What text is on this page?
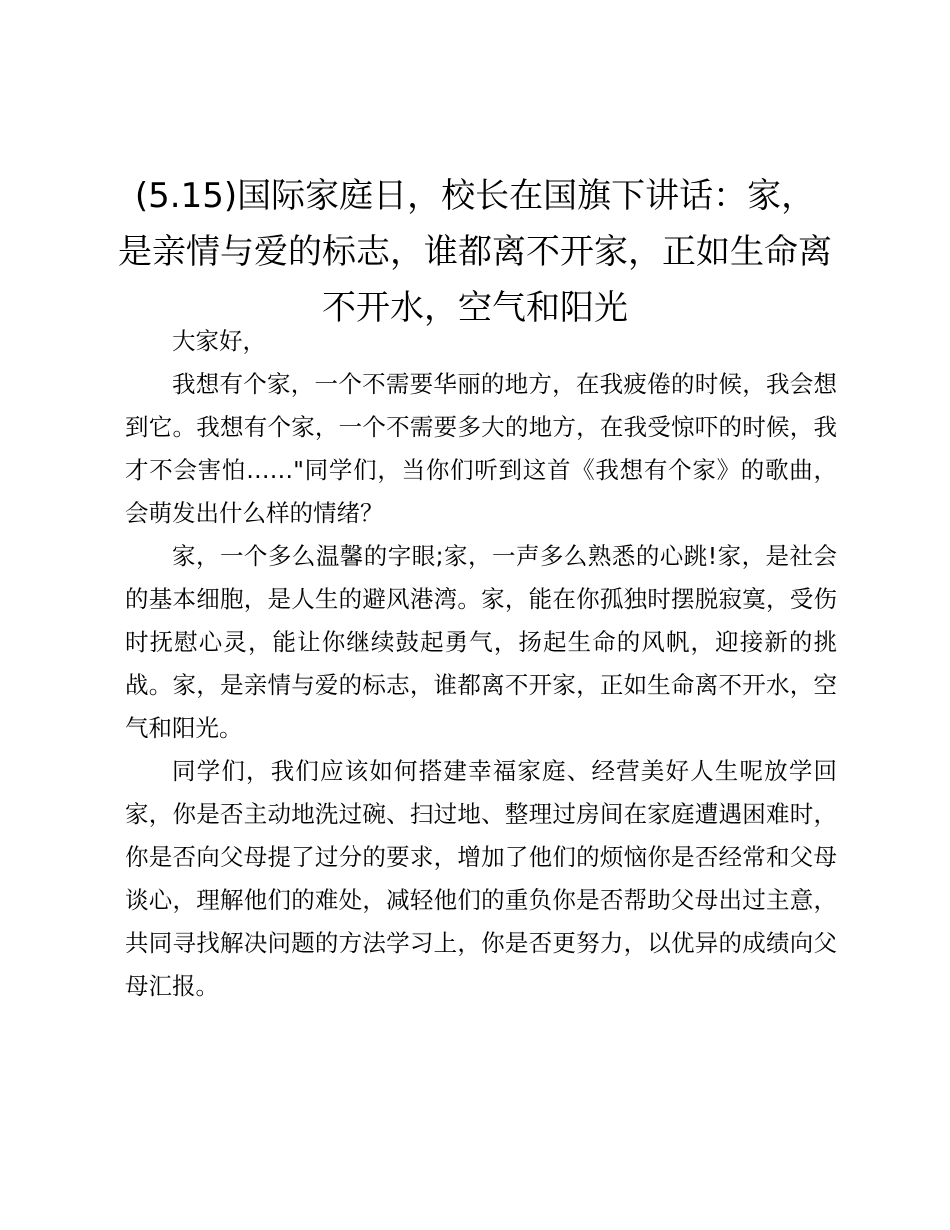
(5.15)国际家庭日，校长在国旗下讲话：家，是亲情与爱的标志，谁都离不开家，正如生命离不开水，空气和阳光

大家好，

我想有个家，一个不需要华丽的地方，在我疲倦的时候，我会想到它。我想有个家，一个不需要多大的地方，在我受惊吓的时候，我才不会害怕……"同学们，当你们听到这首《我想有个家》的歌曲，会萌发出什么样的情绪？

家，一个多么温馨的字眼;家，一声多么熟悉的心跳!家，是社会的基本细胞，是人生的避风港湾。家，能在你孤独时摆脱寂寞，受伤时抚慰心灵，能让你继续鼓起勇气，扬起生命的风帆，迎接新的挑战。家，是亲情与爱的标志，谁都离不开家，正如生命离不开水，空气和阳光。

同学们，我们应该如何搭建幸福家庭、经营美好人生呢放学回家，你是否主动地洗过碗、扫过地、整理过房间在家庭遭遇困难时，你是否向父母提了过分的要求，增加了他们的烦恼你是否经常和父母谈心，理解他们的难处，减轻他们的重负你是否帮助父母出过主意，共同寻找解决问题的方法学习上，你是否更努力，以优异的成绩向父母汇报。
